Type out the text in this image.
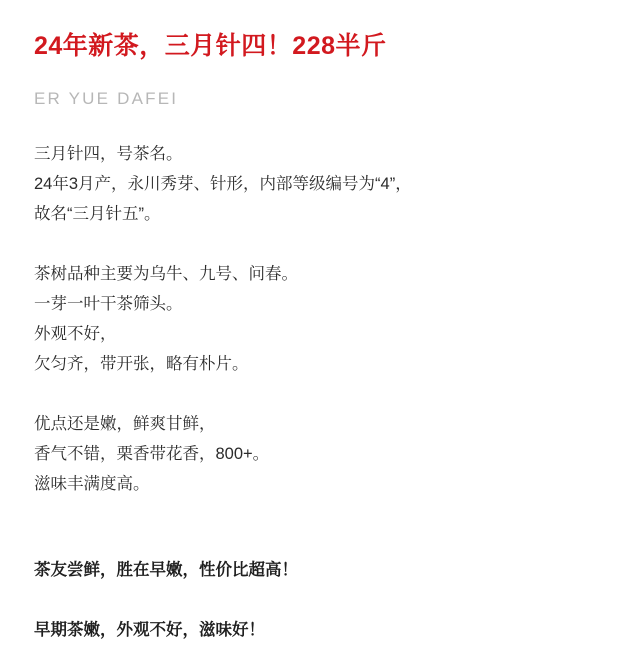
24年新茶，三月针四！228半斤
ER YUE DAFEI

三月针四，号茶名。
24年3月产，永川秀芽、针形，内部等级编号为“4”，
故名“三月针五”。

茶树品种主要为乌牛、九号、问春。
一芽一叶干茶筛头。
外观不好，
欠匀齐，带开张，略有朴片。

优点还是嫩，鲜爽甘鲜，
香气不错，栗香带花香，800+。
滋味丰满度高。

茶友尝鲜，胜在早嫩，性价比超高！

早期茶嫩，外观不好，滋味好！
